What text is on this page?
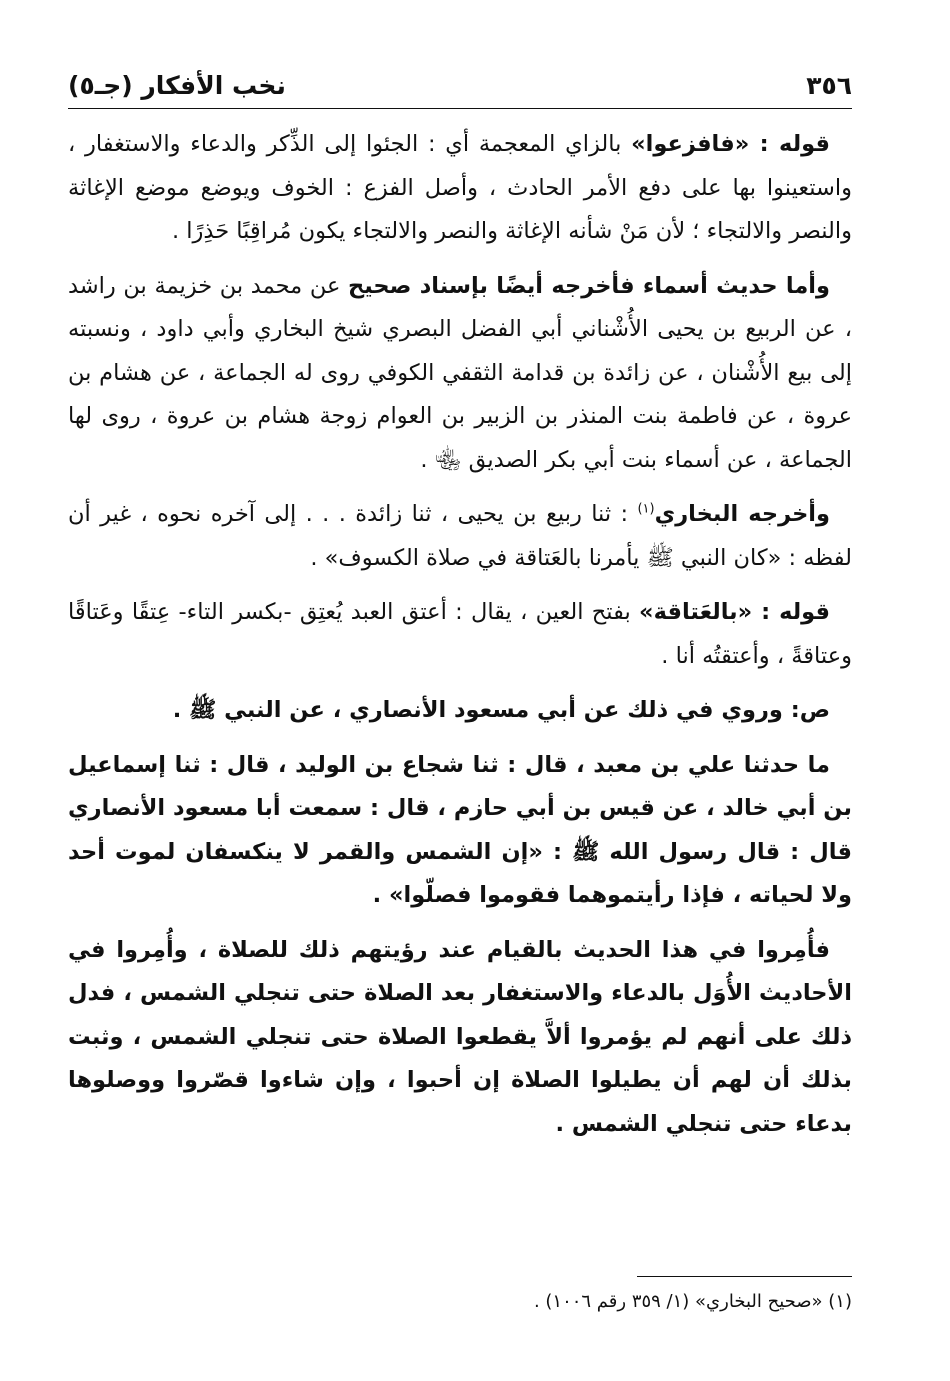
٣٥٦
نخب الأفكار (جـ٥)

قوله : «فافزعوا» بالزاي المعجمة أي : الجئوا إلى الذِّكر والدعاء والاستغفار ، واستعينوا بها على دفع الأمر الحادث ، وأصل الفزع : الخوف ويوضع موضع الإغاثة والنصر والالتجاء ؛ لأن مَنْ شأنه الإغاثة والنصر والالتجاء يكون مُراقِبًا حَذِرًا .

وأما حديث أسماء فأخرجه أيضًا بإسناد صحيح عن محمد بن خزيمة بن راشد ، عن الربيع بن يحيى الأُشْناني أبي الفضل البصري شيخ البخاري وأبي داود ، ونسبته إلى بيع الأُشْنان ، عن زائدة بن قدامة الثقفي الكوفي روى له الجماعة ، عن هشام بن عروة ، عن فاطمة بنت المنذر بن الزبير بن العوام زوجة هشام بن عروة ، روى لها الجماعة ، عن أسماء بنت أبي بكر الصديق ﵄ .

وأخرجه البخاري$^{(١)}$ : ثنا ربيع بن يحيى ، ثنا زائدة . . . إلى آخره نحوه ، غير أن لفظه : «كان النبي ﷺ يأمرنا بالعَتاقة في صلاة الكسوف» .

قوله : «بالعَتاقة» بفتح العين ، يقال : أعتق العبد يُعتِق -بكسر التاء- عِتقًا وعَتاقًا وعتاقةً ، وأعتقتُه أنا .

ص: وروي في ذلك عن أبي مسعود الأنصاري ، عن النبي ﷺ .

ما حدثنا علي بن معبد ، قال : ثنا شجاع بن الوليد ، قال : ثنا إسماعيل بن أبي خالد ، عن قيس بن أبي حازم ، قال : سمعت أبا مسعود الأنصاري قال : قال رسول الله ﷺ : «إن الشمس والقمر لا ينكسفان لموت أحد ولا لحياته ، فإذا رأيتموهما فقوموا فصلّوا» .

فأُمِروا في هذا الحديث بالقيام عند رؤيتهم ذلك للصلاة ، وأُمِروا في الأحاديث الأُوَل بالدعاء والاستغفار بعد الصلاة حتى تنجلي الشمس ، فدل ذلك على أنهم لم يؤمروا ألاَّ يقطعوا الصلاة حتى تنجلي الشمس ، وثبت بذلك أن لهم أن يطيلوا الصلاة إن أحبوا ، وإن شاءوا قصّروا ووصلوها بدعاء حتى تنجلي الشمس .

(١) «صحيح البخاري» (١/ ٣٥٩ رقم ١٠٠٦) .
